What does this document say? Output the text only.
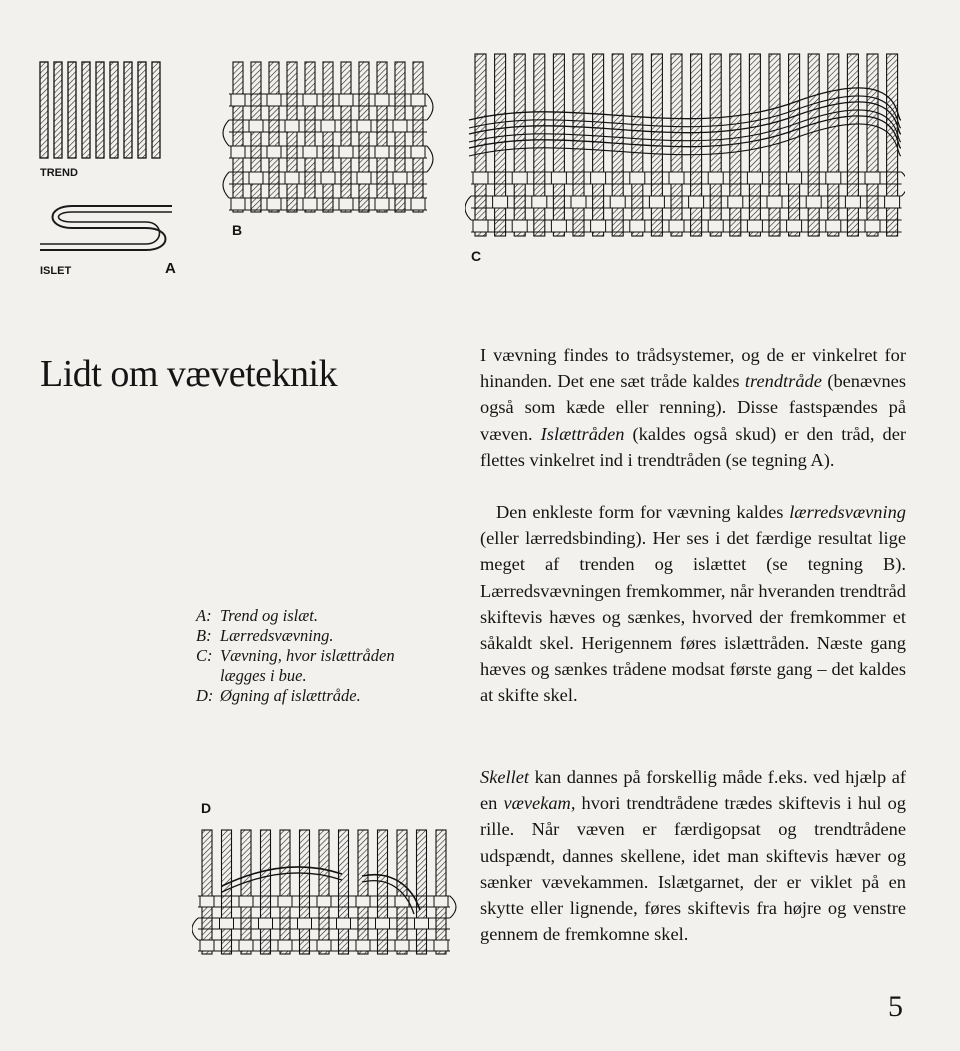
TREND
ISLET	A
B
C
Lidt om væveteknik
A: Trend og islæt.
B: Lærredsvævning.
C: Vævning, hvor islættråden
lægges i bue.
D: Øgning af islættråde.
D
I vævning findes to trådsystemer, og de er vinkelret for hinanden. Det ene sæt tråde kaldes trendtråde (benævnes også som kæde eller renning). Disse fastspændes på væven. Islættråden (kaldes også skud) er den tråd, der flettes vinkelret ind i trendtråden (se tegning A).
Den enkleste form for vævning kaldes lærredsvævning (eller lærredsbinding). Her ses i det færdige resultat lige meget af trenden og islættet (se tegning B). Lærredsvævningen fremkommer, når hveranden trendtråd skiftevis hæves og sænkes, hvorved der fremkommer et såkaldt skel. Herigennem føres islættråden. Næste gang hæves og sænkes trådene modsat første gang – det kaldes at skifte skel.
Skellet kan dannes på forskellig måde f.eks. ved hjælp af en vævekam, hvori trendtrådene trædes skiftevis i hul og rille. Når væven er færdigopsat og trendtrådene udspændt, dannes skellene, idet man skiftevis hæver og sænker vævekammen. Islætgarnet, der er viklet på en skytte eller lignende, føres skiftevis fra højre og venstre gennem de fremkomne skel.
5
